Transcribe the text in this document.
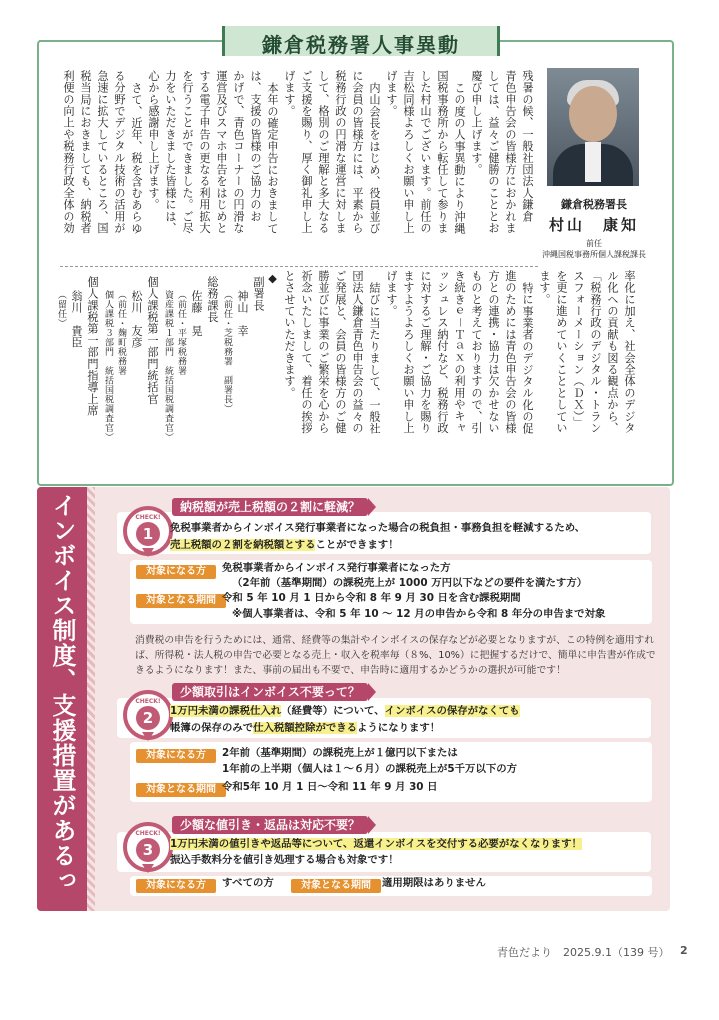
鎌倉税務署人事異動
残暑の候、一般社団法人鎌倉
青色申告会の皆様方におかれま
しては、益々ご健勝のこととお
慶び申し上げます。
この度の人事異動により沖縄
国税事務所から転任して参りま
した村山でございます。前任の
吉松同様よろしくお願い申し上
げます。
内山会長をはじめ、役員並び
に会員の皆様方には、平素から
税務行政の円滑な運営に対しま
して、格別のご理解と多大なる
ご支援を賜り、厚く御礼申し上
げます。
本年の確定申告におきまして
は、支援の皆様のご協力のお
かげで、青色コーナーの円滑な
運営及びスマホ申告をはじめと
する電子申告の更なる利用拡大
を行うことができました。ご尽
力をいただきました皆様には、
心から感謝申し上げます。
さて、近年、税を含むあらゆ
る分野でデジタル技術の活用が
急速に拡大しているところ、国
税当局におきましても、納税者
利便の向上や税務行政全体の効	鎌倉税務署長
村山　康知
前任
沖縄国税事務所個人課税課長
率化に加え、社会全体のデジタ
ル化への貢献も図る観点から、
「税務行政のデジタル・トラン
スフォーメーション（ＤＸ）」
を更に進めていくこととしてい
ます。
特に事業者のデジタル化の促
進のためには青色申告会の皆様
方との連携・協力は欠かせない
ものと考えておりますので、引
き続きｅ－Ｔａｘの利用やキャ
ッシュレス納付など、税務行政
に対するご理解・ご協力を賜り
ますようよろしくお願い申し上
げます。
結びに当たりまして、一般社
団法人鎌倉青色申告会の益々の
ご発展と、会員の皆様方のご健
勝並びに事業のご繁栄を心から
祈念いたしまして、着任の挨拶
とさせていただきます。
◆
副署長
神山　幸
（前任・芝税務署　副署長）
総務課長
佐藤　晃
（前任・平塚税務署
資産課税１部門　統括国税調査官）
個人課税第一部門統括官
松川　友彦
（前任・麹町税務署
個人課税３部門　統括国税調査官）
個人課税第一部門指導上席
翁川　貴臣
（留任）
インボイス制度、支援措置があるって本当？	CHECK!
1
納税額が売上税額の２割に軽減？
免税事業者からインボイス発行事業者になった場合の税負担・事務負担を軽減するため、
売上税額の２割を納税額とすることができます！
対象になる方	免税事業者からインボイス発行事業者になった方
（2年前（基準期間）の課税売上が 1000 万円以下などの要件を満たす方）
対象となる期間 令和 5 年 10 月 1 日から令和 8 年 9 月 30 日を含む課税期間
※個人事業者は、令和 5 年 10 ～ 12 月の申告から令和 8 年分の申告まで対象
消費税の申告を行うためには、通常、経費等の集計やインボイスの保存などが必要となりますが、この特例を適用すれば、所得税・法人税の申告で必要となる売上・収入を税率毎（８%、10%）に把握するだけで、簡単に申告書が作成できるようになります！また、事前の届出も不要で、申告時に適用するかどうかの選択が可能です！
CHECK!
2
少額取引はインボイス不要って？
1万円未満の課税仕入れ（経費等）について、インボイスの保存がなくても
帳簿の保存のみで仕入税額控除ができるようになります！
対象になる方	2年前（基準期間）の課税売上が１億円以下または
1年前の上半期（個人は１～６月）の課税売上が5千万以下の方
対象となる期間 令和5年 10 月 1 日～令和 11 年 9 月 30 日
CHECK!
3
少額な値引き・返品は対応不要？
1万円未満の値引きや返品等について、返還インボイスを交付する必要がなくなります！
振込手数料分を値引き処理する場合も対象です！
対象になる方	すべての方	対象となる期間	適用期限はありません
青色だより　2025.9.1（139 号） 2
